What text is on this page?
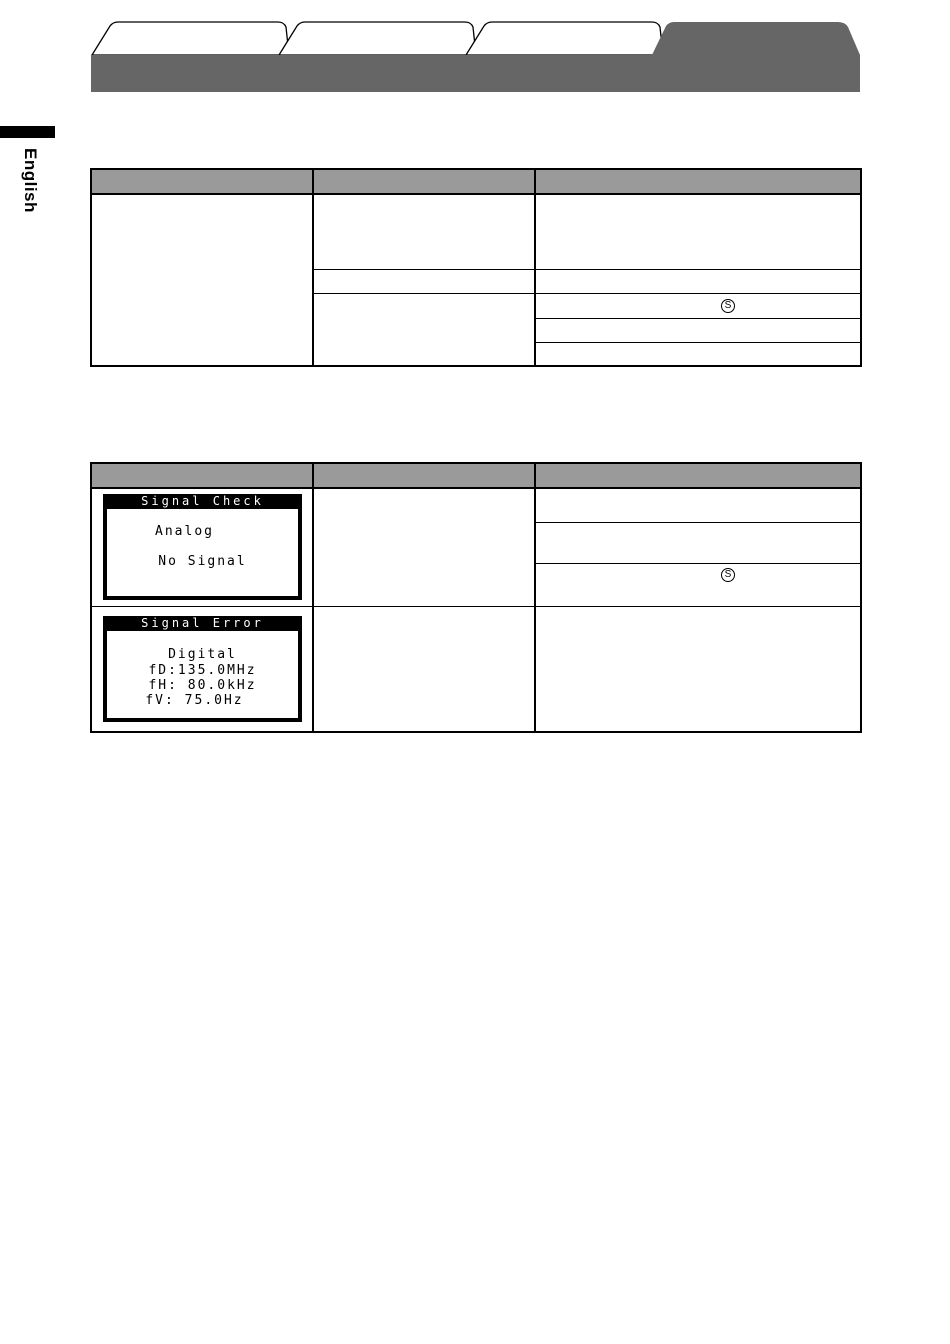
English
S
S
Signal Check
Analog
No Signal
Signal Error
Digital
fD:135.0MHz
fH: 80.0kHz
fV: 75.0Hz
